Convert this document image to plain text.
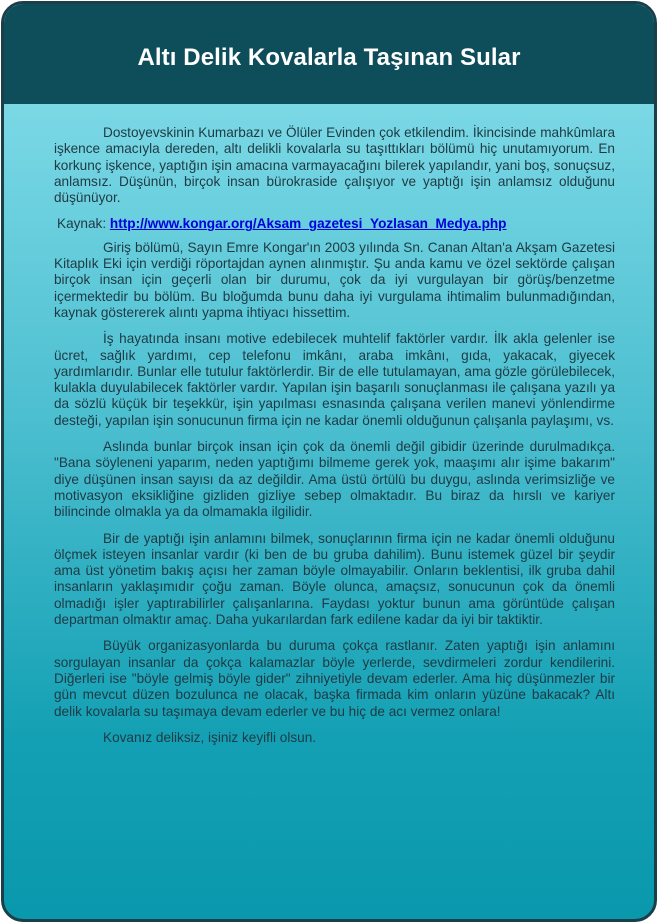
Altı Delik Kovalarla Taşınan Sular

Dostoyevskinin Kumarbazı ve Ölüler Evinden çok etkilendim. İkincisinde mahkûmlara işkence amacıyla dereden, altı delikli kovalarla su taşıttıkları bölümü hiç unutamıyorum. En korkunç işkence, yaptığın işin amacına varmayacağını bilerek yapılandır, yani boş, sonuçsuz, anlamsız. Düşünün, birçok insan bürokraside çalışıyor ve yaptığı işin anlamsız olduğunu düşünüyor.

Kaynak: http://www.kongar.org/Aksam_gazetesi_Yozlasan_Medya.php

Giriş bölümü, Sayın Emre Kongar'ın 2003 yılında Sn. Canan Altan'a Akşam Gazetesi Kitaplık Eki için verdiği röportajdan aynen alınmıştır. Şu anda kamu ve özel sektörde çalışan birçok insan için geçerli olan bir durumu, çok da iyi vurgulayan bir görüş/benzetme içermektedir bu bölüm. Bu bloğumda bunu daha iyi vurgulama ihtimalim bulunmadığından, kaynak göstererek alıntı yapma ihtiyacı hissettim.

İş hayatında insanı motive edebilecek muhtelif faktörler vardır. İlk akla gelenler ise ücret, sağlık yardımı, cep telefonu imkânı, araba imkânı, gıda, yakacak, giyecek yardımlarıdır. Bunlar elle tutulur faktörlerdir. Bir de elle tutulamayan, ama gözle görülebilecek, kulakla duyulabilecek faktörler vardır. Yapılan işin başarılı sonuçlanması ile çalışana yazılı ya da sözlü küçük bir teşekkür, işin yapılması esnasında çalışana verilen manevi yönlendirme desteği, yapılan işin sonucunun firma için ne kadar önemli olduğunun çalışanla paylaşımı, vs.

Aslında bunlar birçok insan için çok da önemli değil gibidir üzerinde durulmadıkça. "Bana söyleneni yaparım, neden yaptığımı bilmeme gerek yok, maaşımı alır işime bakarım" diye düşünen insan sayısı da az değildir. Ama üstü örtülü bu duygu, aslında verimsizliğe ve motivasyon eksikliğine gizliden gizliye sebep olmaktadır. Bu biraz da hırslı ve kariyer bilincinde olmakla ya da olmamakla ilgilidir.

Bir de yaptığı işin anlamını bilmek, sonuçlarının firma için ne kadar önemli olduğunu ölçmek isteyen insanlar vardır (ki ben de bu gruba dahilim). Bunu istemek güzel bir şeydir ama üst yönetim bakış açısı her zaman böyle olmayabilir. Onların beklentisi, ilk gruba dahil insanların yaklaşımıdır çoğu zaman. Böyle olunca, amaçsız, sonucunun çok da önemli olmadığı işler yaptırabilirler çalışanlarına. Faydası yoktur bunun ama görüntüde çalışan departman olmaktır amaç. Daha yukarılardan fark edilene kadar da iyi bir taktiktir.

Büyük organizasyonlarda bu duruma çokça rastlanır. Zaten yaptığı işin anlamını sorgulayan insanlar da çokça kalamazlar böyle yerlerde, sevdirmeleri zordur kendilerini. Diğerleri ise "böyle gelmiş böyle gider" zihniyetiyle devam ederler. Ama hiç düşünmezler bir gün mevcut düzen bozulunca ne olacak, başka firmada kim onların yüzüne bakacak? Altı delik kovalarla su taşımaya devam ederler ve bu hiç de acı vermez onlara!

Kovanız deliksiz, işiniz keyifli olsun.
